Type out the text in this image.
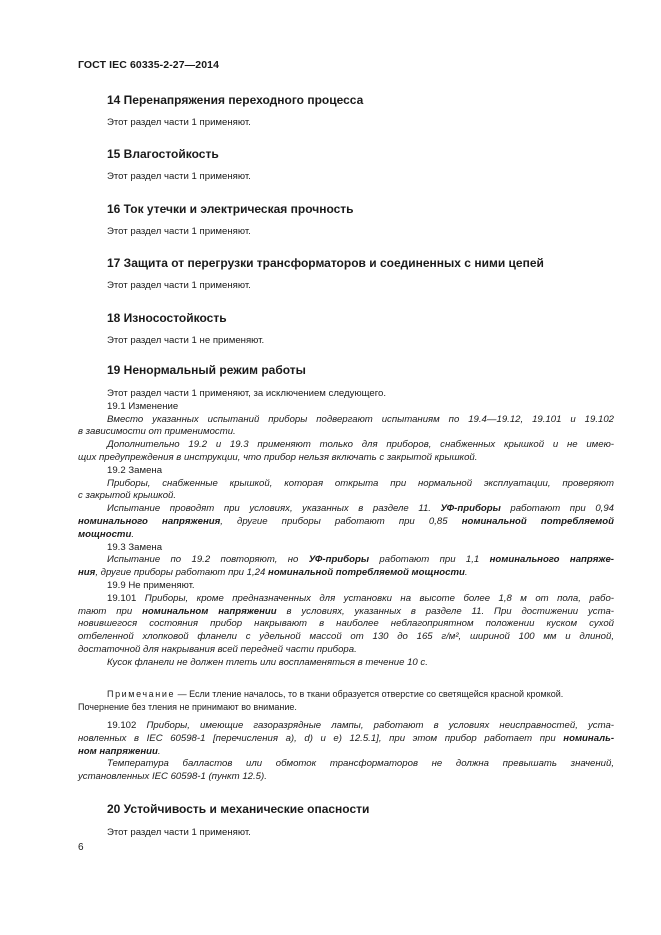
ГОСТ IEC 60335-2-27—2014
14 Перенапряжения переходного процесса
Этот раздел части 1 применяют.
15 Влагостойкость
Этот раздел части 1 применяют.
16 Ток утечки и электрическая прочность
Этот раздел части 1 применяют.
17 Защита от перегрузки трансформаторов и соединенных с ними цепей
Этот раздел части 1 применяют.
18 Износостойкость
Этот раздел части 1 не применяют.
19 Ненормальный режим работы
Этот раздел части 1 применяют, за исключением следующего.
19.1 Изменение
Вместо указанных испытаний приборы подвергают испытаниям по 19.4—19.12, 19.101 и 19.102
в зависимости от применимости.
Дополнительно 19.2 и 19.3 применяют только для приборов, снабженных крышкой и не имею-
щих предупреждения в инструкции, что прибор нельзя включать с закрытой крышкой.
19.2 Замена
Приборы, снабженные крышкой, которая открыта при нормальной эксплуатации, проверяют
с закрытой крышкой.
Испытание проводят при условиях, указанных в разделе 11. УФ-приборы работают при 0,94
номинального напряжения, другие приборы работают при 0,85 номинальной потребляемой
мощности.
19.3 Замена
Испытание по 19.2 повторяют, но УФ-приборы работают при 1,1 номинального напряже-
ния, другие приборы работают при 1,24 номинальной потребляемой мощности.
19.9 Не применяют.
19.101 Приборы, кроме предназначенных для установки на высоте более 1,8 м от пола, рабо-
тают при номинальном напряжении в условиях, указанных в разделе 11. При достижении уста-
новившегося состояния прибор накрывают в наиболее неблагоприятном положении куском сухой
отбеленной хлопковой фланели с удельной массой от 130 до 165 г/м², шириной 100 мм и длиной,
достаточной для накрывания всей передней части прибора.
Кусок фланели не должен тлеть или воспламеняться в течение 10 с.
Примечание — Если тление началось, то в ткани образуется отверстие со светящейся красной кромкой.
Почернение без тления не принимают во внимание.
19.102 Приборы, имеющие газоразрядные лампы, работают в условиях неисправностей, уста-
новленных в IEC 60598-1 [перечисления a), d) и e) 12.5.1], при этом прибор работает при номиналь-
ном напряжении.
Температура балластов или обмоток трансформаторов не должна превышать значений,
установленных IEC 60598-1 (пункт 12.5).
20 Устойчивость и механические опасности
Этот раздел части 1 применяют.
6
